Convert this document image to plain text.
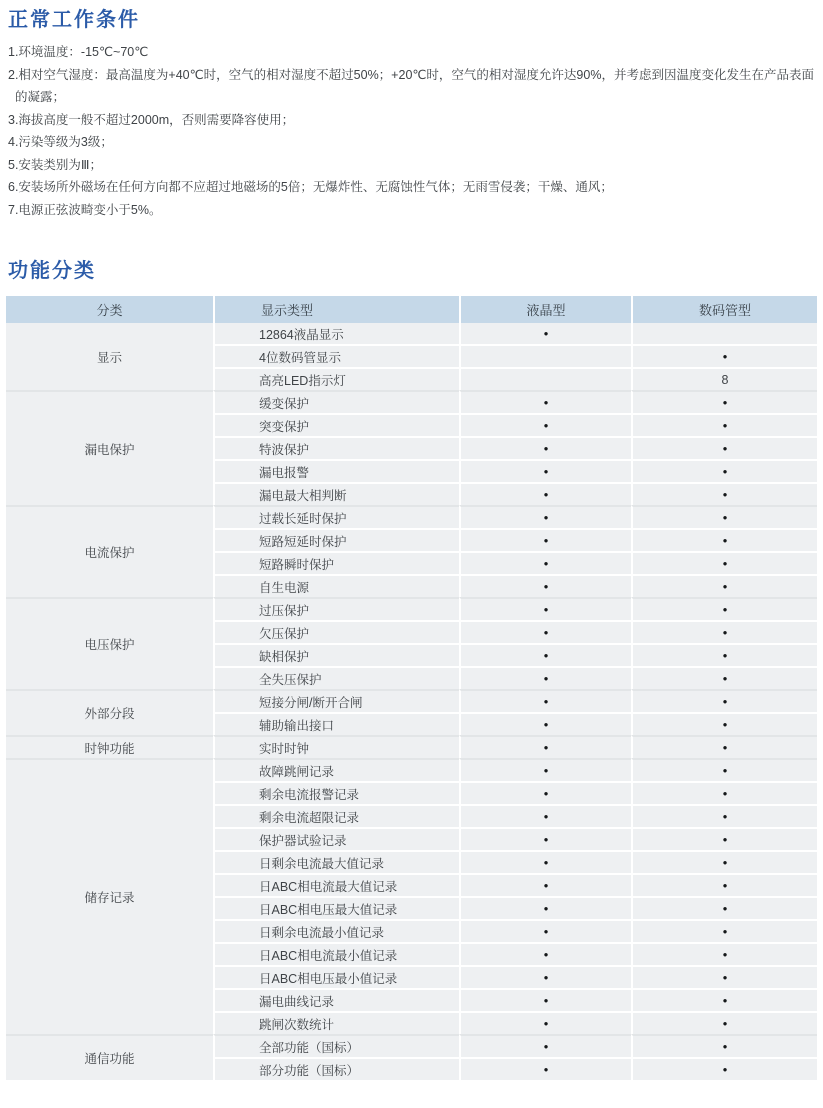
正常工作条件
1.环境温度：-15℃~70℃
2.相对空气湿度：最高温度为+40℃时，空气的相对湿度不超过50%；+20℃时，空气的相对湿度允许达90%，并考虑到因温度变化发生在产品表面的凝露；
3.海拔高度一般不超过2000m，否则需要降容使用；
4.污染等级为3级；
5.安装类别为Ⅲ；
6.安装场所外磁场在任何方向都不应超过地磁场的5倍；无爆炸性、无腐蚀性气体；无雨雪侵袭；干燥、通风；
7.电源正弦波畸变小于5%。
功能分类
分类	显示类型	液晶型	数码管型
显示	12864液晶显示	●	
	4位数码管显示		●
	高亮LED指示灯		8
漏电保护	缓变保护	●	●
	突变保护	●	●
	特波保护	●	●
	漏电报警	●	●
	漏电最大相判断	●	●
电流保护	过载长延时保护	●	●
	短路短延时保护	●	●
	短路瞬时保护	●	●
	自生电源	●	●
电压保护	过压保护	●	●
	欠压保护	●	●
	缺相保护	●	●
	全失压保护	●	●
外部分段	短接分闸/断开合闸	●	●
	辅助输出接口	●	●
时钟功能	实时时钟	●	●
储存记录	故障跳闸记录	●	●
	剩余电流报警记录	●	●
	剩余电流超限记录	●	●
	保护器试验记录	●	●
	日剩余电流最大值记录	●	●
	日ABC相电流最大值记录	●	●
	日ABC相电压最大值记录	●	●
	日剩余电流最小值记录	●	●
	日ABC相电流最小值记录	●	●
	日ABC相电压最小值记录	●	●
	漏电曲线记录	●	●
	跳闸次数统计	●	●
通信功能	全部功能（国标）	●	●
	部分功能（国标）	●	●
